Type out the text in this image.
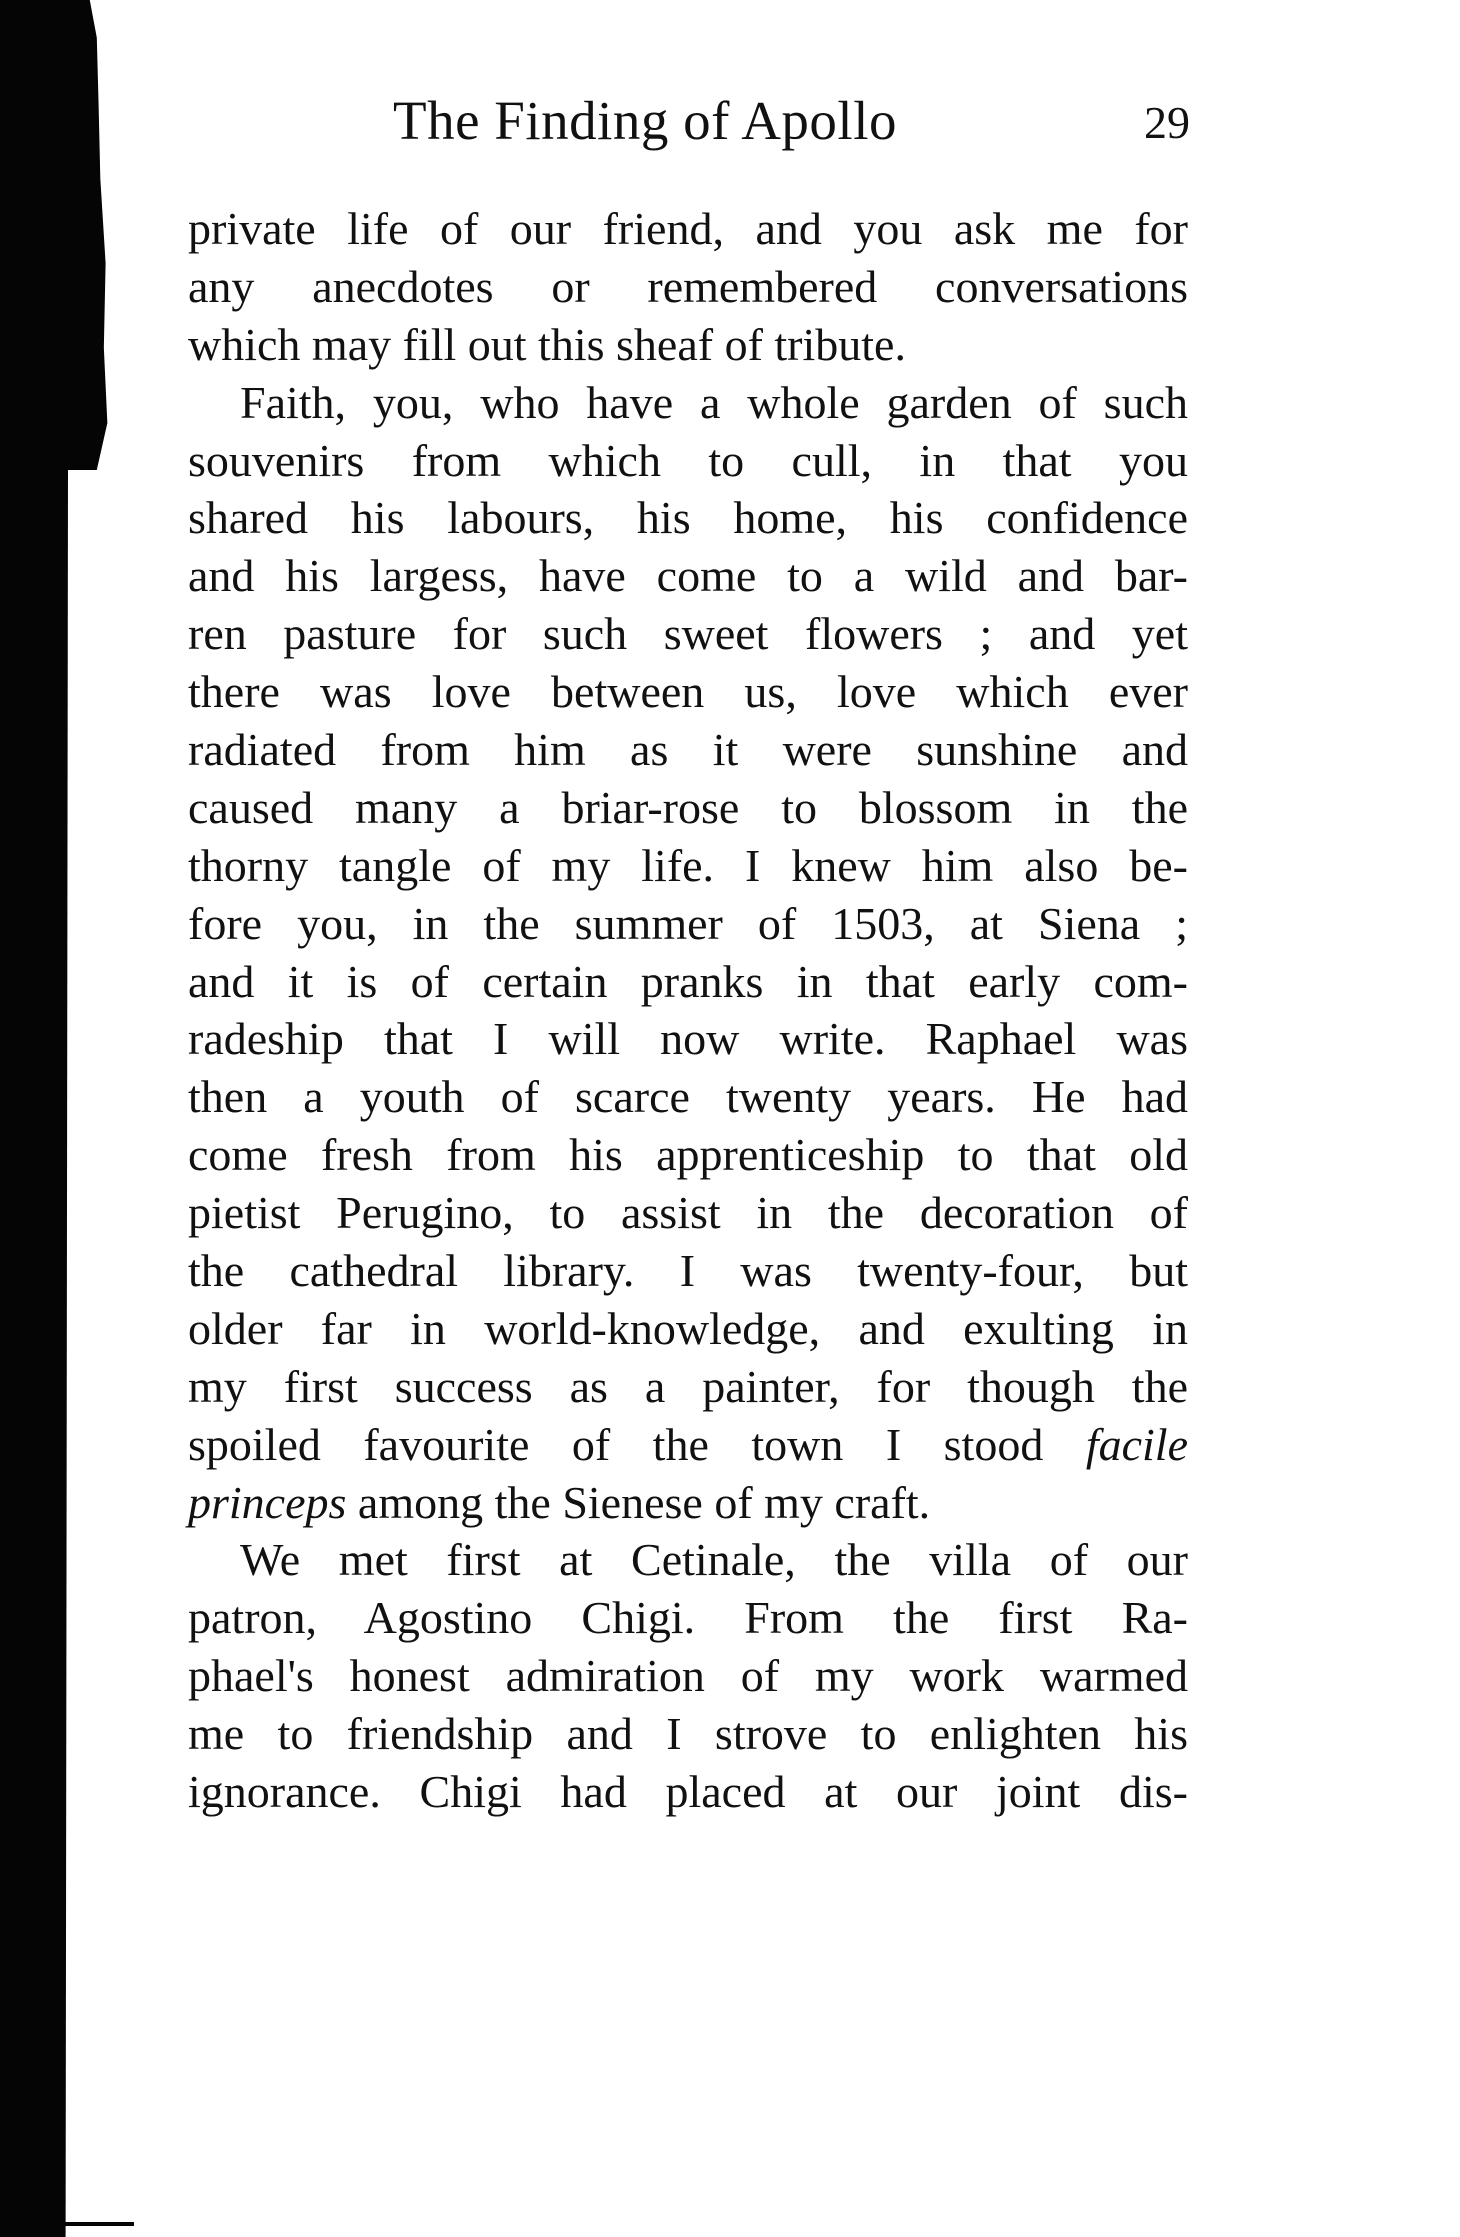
The Finding of Apollo	29
private life of our friend, and you ask me for
any anecdotes or remembered conversations
which may fill out this sheaf of tribute.
Faith, you, who have a whole garden of such
souvenirs from which to cull, in that you
shared his labours, his home, his confidence
and his largess, have come to a wild and bar-
ren pasture for such sweet flowers ; and yet
there was love between us, love which ever
radiated from him as it were sunshine and
caused many a briar-rose to blossom in the
thorny tangle of my life. I knew him also be-
fore you, in the summer of 1503, at Siena ;
and it is of certain pranks in that early com-
radeship that I will now write. Raphael was
then a youth of scarce twenty years. He had
come fresh from his apprenticeship to that old
pietist Perugino, to assist in the decoration of
the cathedral library. I was twenty-four, but
older far in world-knowledge, and exulting in
my first success as a painter, for though the
spoiled favourite of the town I stood facile
princeps among the Sienese of my craft.
We met first at Cetinale, the villa of our
patron, Agostino Chigi. From the first Ra-
phael's honest admiration of my work warmed
me to friendship and I strove to enlighten his
ignorance. Chigi had placed at our joint dis-
